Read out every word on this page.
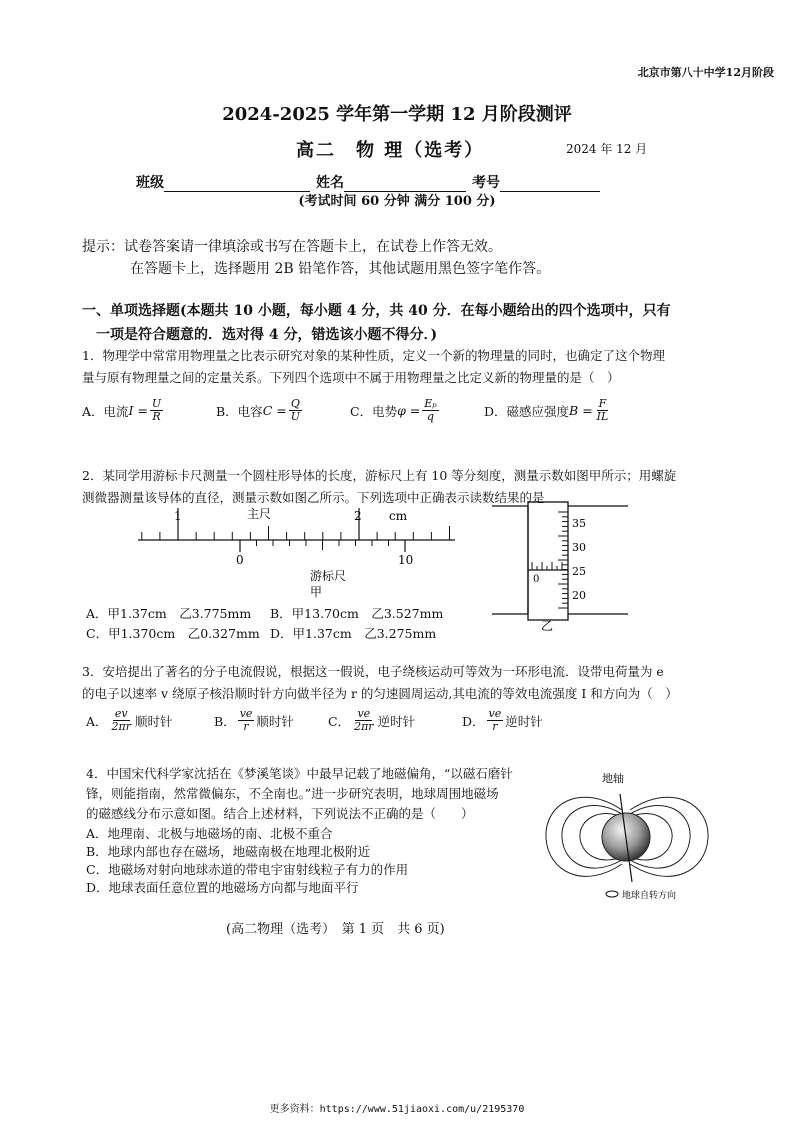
北京市第八十中学12月阶段
2024-2025 学年第一学期 12 月阶段测评
高二　物 理（选考）	2024 年 12 月
班级	姓名	考号
(考试时间 60 分钟 满分 100 分)
提示：试卷答案请一律填涂或书写在答题卡上，在试卷上作答无效。
在答题卡上，选择题用 2B 铅笔作答，其他试题用黑色签字笔作答。
一、单项选择题(本题共 10 小题，每小题 4 分，共 40 分．在每小题给出的四个选项中，只有
一项是符合题意的．选对得 4 分，错选该小题不得分．)
1．物理学中常常用物理量之比表示研究对象的某种性质，定义一个新的物理量的同时，也确定了这个物理
量与原有物理量之间的定量关系。下列四个选项中不属于用物理量之比定义新的物理量的是（　）
A．电流 $I = \frac{U}{R}$	B．电容 $C = \frac{Q}{U}$	C．电势 $\varphi = \frac{\text{Eₚ}}{q}$	D．磁感应强度 $B = \frac{F}{IL}$
2．某同学用游标卡尺测量一个圆柱形导体的长度，游标尺上有 10 等分刻度，测量示数如图甲所示；用螺旋
测微器测量该导体的直径，测量示数如图乙所示。下列选项中正确表示读数结果的是
1	主尺	2 cm
0	10
游标尺
甲
0
35
30
25
20
乙
A．甲1.37cm　乙3.775mm B．甲13.70cm　乙3.527mm
C．甲1.370cm　乙0.327mm D．甲1.37cm　乙3.275mm
3．安培提出了著名的分子电流假说，根据这一假说，电子绕核运动可等效为一环形电流．设带电荷量为 e
的电子以速率 v 绕原子核沿顺时针方向做半径为 r 的匀速圆周运动,其电流的等效电流强度 I 和方向为（　）
A． $\frac{ev}{2\pi r}$ 顺时针	B． $\frac{ve}{r}$ 顺时针	C． $\frac{ve}{2\pi r}$ 逆时针	D． $\frac{ve}{r}$ 逆时针
4．中国宋代科学家沈括在《梦溪笔谈》中最早记载了地磁偏角，“以磁石磨针
锋，则能指南，然常微偏东，不全南也。”进一步研究表明，地球周围地磁场
的磁感线分布示意如图。结合上述材料，下列说法不正确的是（　　）
A．地理南、北极与地磁场的南、北极不重合
B．地球内部也存在磁场，地磁南极在地理北极附近
C．地磁场对射向地球赤道的带电宇宙射线粒子有力的作用
D．地球表面任意位置的地磁场方向都与地面平行
地轴
地球自转方向
(高二物理（选考）　第 1 页　共 6 页)
更多资料：https://www.51jiaoxi.com/u/2195370
